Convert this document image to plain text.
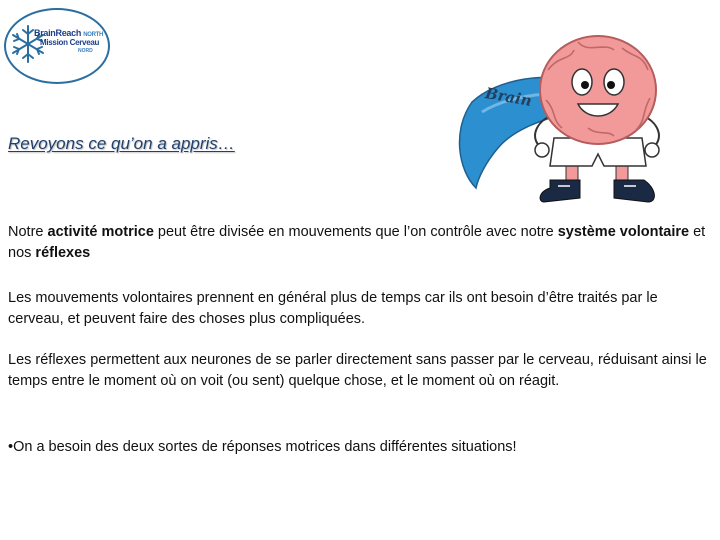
BrainReach NORTH
Mission Cerveau
NORD
Brain
Revoyons ce qu’on a appris…
Notre activité motrice peut être divisée en mouvements que l’on contrôle avec notre système volontaire et nos réflexes
Les mouvements volontaires prennent en général plus de temps car ils ont besoin d’être traités par le cerveau, et peuvent faire des choses plus compliquées.
Les réflexes permettent aux neurones de se parler directement sans passer par le cerveau, réduisant ainsi le temps entre le moment où on voit (ou sent) quelque chose, et le moment où on réagit.
•On a besoin des deux sortes de réponses motrices dans différentes situations!
